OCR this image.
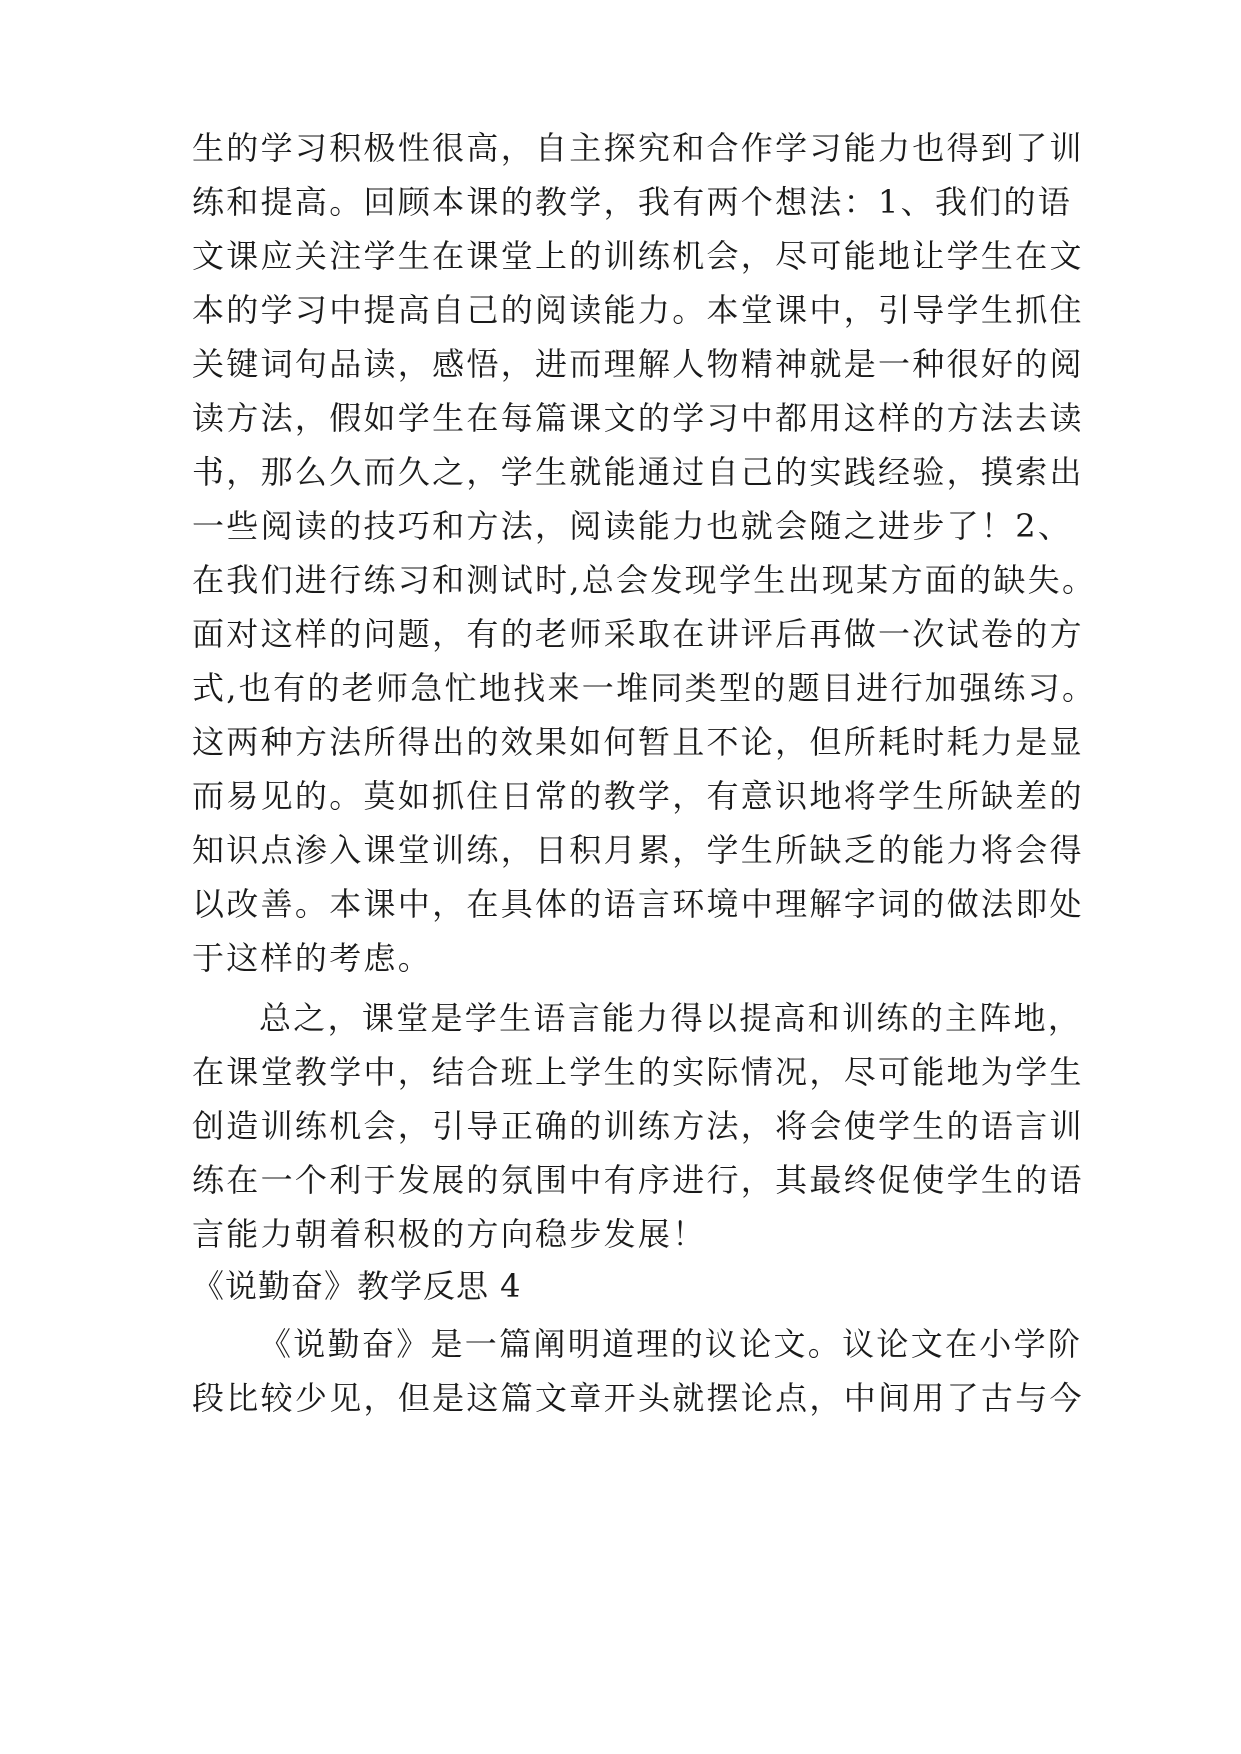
生的学习积极性很高，自主探究和合作学习能力也得到了训
练和提高。回顾本课的教学，我有两个想法：1、我们的语
文课应关注学生在课堂上的训练机会，尽可能地让学生在文
本的学习中提高自己的阅读能力。本堂课中，引导学生抓住
关键词句品读，感悟，进而理解人物精神就是一种很好的阅
读方法，假如学生在每篇课文的学习中都用这样的方法去读
书，那么久而久之，学生就能通过自己的实践经验，摸索出
一些阅读的技巧和方法，阅读能力也就会随之进步了！2、
在我们进行练习和测试时,总会发现学生出现某方面的缺失。
面对这样的问题，有的老师采取在讲评后再做一次试卷的方
式,也有的老师急忙地找来一堆同类型的题目进行加强练习。
这两种方法所得出的效果如何暂且不论，但所耗时耗力是显
而易见的。莫如抓住日常的教学，有意识地将学生所缺差的
知识点渗入课堂训练，日积月累，学生所缺乏的能力将会得
以改善。本课中，在具体的语言环境中理解字词的做法即处
于这样的考虑。
总之，课堂是学生语言能力得以提高和训练的主阵地，
在课堂教学中，结合班上学生的实际情况，尽可能地为学生
创造训练机会，引导正确的训练方法，将会使学生的语言训
练在一个利于发展的氛围中有序进行，其最终促使学生的语
言能力朝着积极的方向稳步发展！
《说勤奋》教学反思 4
《说勤奋》是一篇阐明道理的议论文。议论文在小学阶
段比较少见，但是这篇文章开头就摆论点，中间用了古与今
